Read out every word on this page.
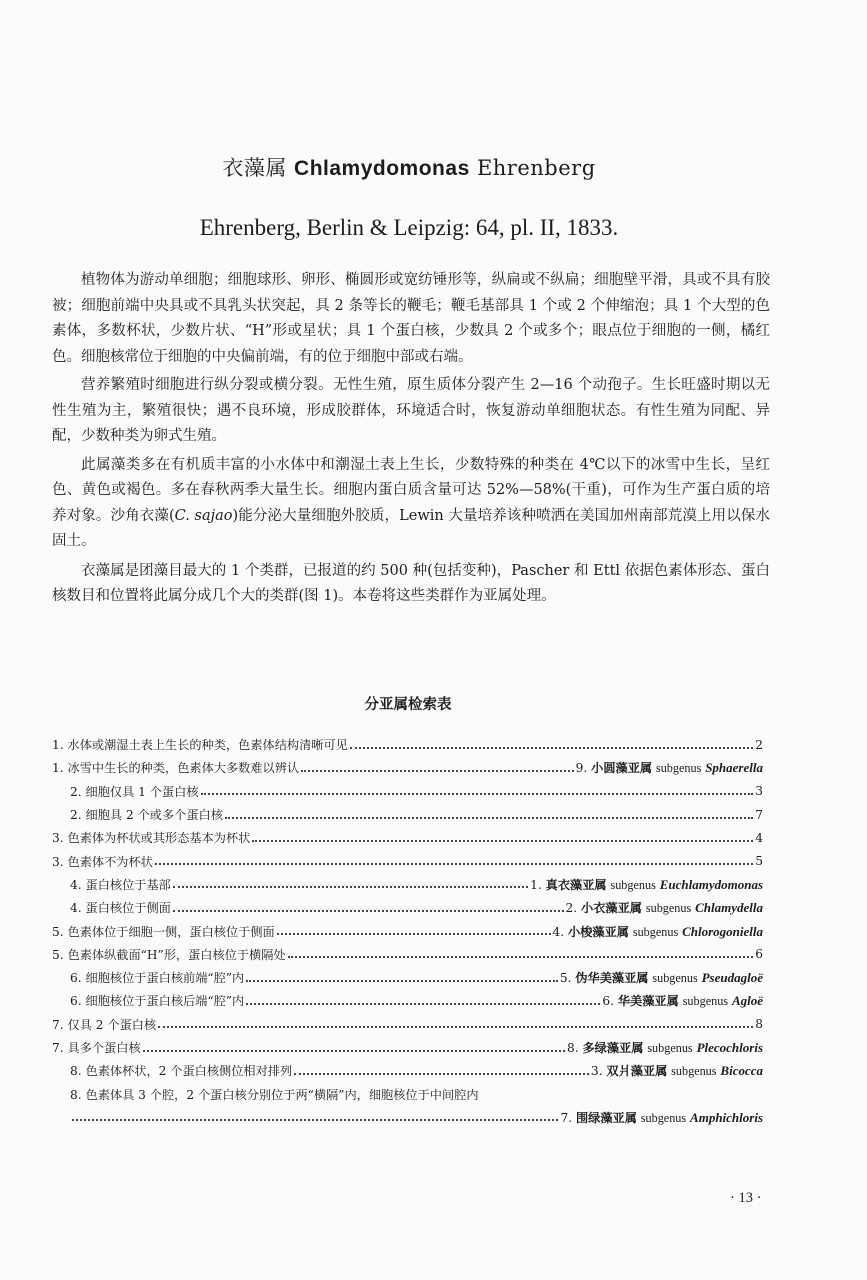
衣藻属 Chlamydomonas Ehrenberg
Ehrenberg, Berlin & Leipzig: 64, pl. II, 1833.

植物体为游动单细胞；细胞球形、卵形、椭圆形或宽纺锤形等，纵扁或不纵扁；细胞壁平滑，具或不具有胶被；细胞前端中央具或不具乳头状突起，具 2 条等长的鞭毛；鞭毛基部具 1 个或 2 个伸缩泡；具 1 个大型的色素体，多数杯状，少数片状、“H”形或星状；具 1 个蛋白核，少数具 2 个或多个；眼点位于细胞的一侧，橘红色。细胞核常位于细胞的中央偏前端，有的位于细胞中部或右端。

营养繁殖时细胞进行纵分裂或横分裂。无性生殖，原生质体分裂产生 2—16 个动孢子。生长旺盛时期以无性生殖为主，繁殖很快；遇不良环境，形成胶群体，环境适合时，恢复游动单细胞状态。有性生殖为同配、异配，少数种类为卵式生殖。

此属藻类多在有机质丰富的小水体中和潮湿土表上生长，少数特殊的种类在 4℃以下的冰雪中生长，呈红色、黄色或褐色。多在春秋两季大量生长。细胞内蛋白质含量可达 52%—58%(干重)，可作为生产蛋白质的培养对象。沙角衣藻(C. sajao)能分泌大量细胞外胶质，Lewin 大量培养该种喷洒在美国加州南部荒漠上用以保水固土。

衣藻属是团藻目最大的 1 个类群，已报道的约 500 种(包括变种)，Pascher 和 Ettl 依据色素体形态、蛋白核数目和位置将此属分成几个大的类群(图 1)。本卷将这些类群作为亚属处理。

分亚属检索表
1. 水体或潮湿土表上生长的种类，色素体结构清晰可见	2
1. 冰雪中生长的种类，色素体大多数难以辨认	9. 小圆藻亚属 subgenus Sphaerella
2. 细胞仅具 1 个蛋白核	3
2. 细胞具 2 个或多个蛋白核	7
3. 色素体为杯状或其形态基本为杯状	4
3. 色素体不为杯状	5
4. 蛋白核位于基部	1. 真衣藻亚属 subgenus Euchlamydomonas
4. 蛋白核位于侧面	2. 小衣藻亚属 subgenus Chlamydella
5. 色素体位于细胞一侧，蛋白核位于侧面	4. 小梭藻亚属 subgenus Chlorogoniella
5. 色素体纵截面“H”形，蛋白核位于横隔处	6
6. 细胞核位于蛋白核前端“腔”内	5. 伪华美藻亚属 subgenus Pseudagloë
6. 细胞核位于蛋白核后端“腔”内	6. 华美藻亚属 subgenus Agloë
7. 仅具 2 个蛋白核	8
7. 具多个蛋白核	8. 多绿藻亚属 subgenus Plecochloris
8. 色素体杯状，2 个蛋白核侧位相对排列	3. 双爿藻亚属 subgenus Bicocca
8. 色素体具 3 个腔，2 个蛋白核分别位于两“横隔”内，细胞核位于中间腔内
7. 围绿藻亚属 subgenus Amphichloris
· 13 ·
